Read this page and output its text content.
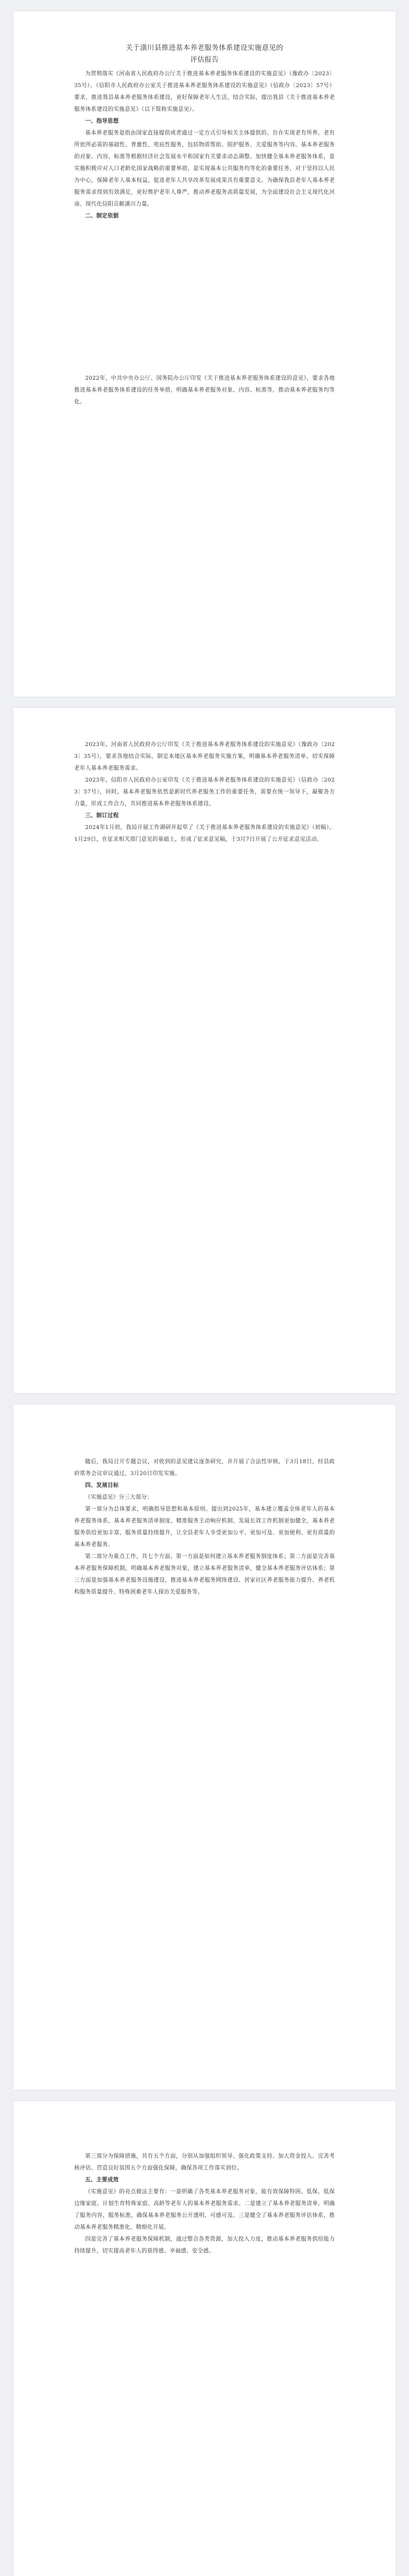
关于潢川县推进基本养老服务体系建设实施意见的
评估报告

为贯彻落实《河南省人民政府办公厅关于推进基本养老服务体系建设的实施意见》（豫政办〔2023〕35号）、《信阳市人民政府办公室关于推进基本养老服务体系建设的实施意见》（信政办〔2023〕57号）要求，推进我县基本养老服务体系建设，更好保障老年人生活，结合实际，提出我县《关于推进基本养老服务体系建设的实施意见》（以下简称实施意见）。

一、指导思想

基本养老服务是指由国家直接提供或者通过一定方式引导相关主体提供的、旨在实现老有所养、老有所依所必需的基础性、普惠性、兜底性服务，包括物质帮助、照护服务、关爱服务等内容。基本养老服务的对象、内容、标准等根据经济社会发展水平和国家有关要求动态调整。加快健全基本养老服务体系，是实施积极应对人口老龄化国家战略的重要举措，是实现基本公共服务均等化的重要任务，对于坚持以人民为中心，保障老年人基本权益，促进老年人共享改革发展成果具有重要意义。为确保我县老年人基本养老服务需求得到有效满足，更好维护老年人尊严，推动养老服务高质量发展，为全面建设社会主义现代化河南、现代化信阳贡献潢川力量。

二、制定依据

2022年，中共中央办公厅、国务院办公厅印发《关于推进基本养老服务体系建设的意见》，要求各地推进基本养老服务体系建设的任务举措，明确基本养老服务对象、内容、标准等，推动基本养老服务均等化。

2023年，河南省人民政府办公厅印发《关于推进基本养老服务体系建设的实施意见》（豫政办〔2023〕35号），要求各地结合实际，制定本地区基本养老服务实施方案，明确基本养老服务清单，切实保障老年人基本养老服务需求。

2023年，信阳市人民政府办公室印发《关于推进基本养老服务体系建设的实施意见》（信政办〔2023〕57号），同时，基本养老服务依然是新时代养老服务工作的重要任务，需要在统一领导下，凝聚各方力量，形成工作合力，共同推进基本养老服务体系建设。

三、制订过程

2024年1月初，我局开展工作调研并起草了《关于推进基本养老服务体系建设的实施意见》（初稿）。1月29日，在征求相关部门意见的基础上，形成了征求意见稿，于3月7日开展了公开征求意见活动。

随后，我局召开专题会议，对收到的意见建议逐条研究，并开展了合法性审核，于3月18日，经县政府常务会议审议通过，3月20日印发实施。

四、发展目标

《实施意见》分三大部分：

第一部分为总体要求，明确指导思想和基本原则。提出到2025年，基本建立覆盖全体老年人的基本养老服务体系，基本养老服务清单制度、精准服务主动响应机制、发展长效工作机制更加健全，基本养老服务供给更加丰富、服务质量持续提升，让全县老年人享受更加公平、更加可及、更加便利、更有质量的基本养老服务。

第二部分为重点工作，共七个方面。第一方面是如何建立基本养老服务制度体系；第二方面是完善基本养老服务保障机制，明确基本养老服务对象，建立基本养老服务清单，健全基本养老服务评估体系；第三方面是加强基本养老服务设施建设，推进基本养老服务网络建设、居家社区养老服务能力提升、养老机构服务质量提升、特殊困难老年人探访关爱服务等。

第三部分为保障措施，共有五个方面，分别从加强组织领导、强化政策支持、加大资金投入、完善考核评估、营造良好氛围五个方面强化保障，确保各项工作落实到位。

五、主要成效

《实施意见》的亮点做法主要有：一是明确了各类基本养老服务对象，能有效保障特困、低保、低保边缘家庭、计划生育特殊家庭、高龄等老年人的基本养老服务需求。二是建立了基本养老服务清单，明确了服务内容、服务标准，确保基本养老服务公开透明、可感可及。三是健全了基本养老服务评估体系，推动基本养老服务精准化、精细化开展。

四是完善了基本养老服务保障机制，通过整合各类资源，加大投入力度，推动基本养老服务供给能力持续提升，切实提高老年人的获得感、幸福感、安全感。
